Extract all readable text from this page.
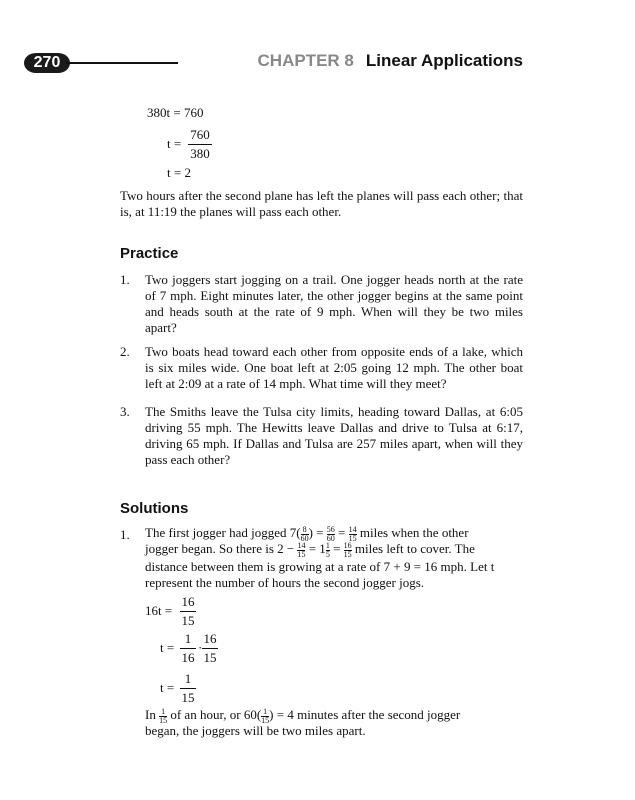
270	CHAPTER 8 Linear Applications
380t = 760
t =
760
380
t = 2
Two hours after the second plane has left the planes will pass each other; that is, at 11:19 the planes will pass each other.
Practice
1. Two joggers start jogging on a trail. One jogger heads north at the rate of 7 mph. Eight minutes later, the other jogger begins at the same point and heads south at the rate of 9 mph. When will they be two miles apart?
2. Two boats head toward each other from opposite ends of a lake, which is six miles wide. One boat left at 2:05 going 12 mph. The other boat left at 2:09 at a rate of 14 mph. What time will they meet?
3. The Smiths leave the Tulsa city limits, heading toward Dallas, at 6:05 driving 55 mph. The Hewitts leave Dallas and drive to Tulsa at 6:17, driving 65 mph. If Dallas and Tulsa are 257 miles apart, when will they pass each other?
Solutions
1. The first jogger had jogged $7(\frac{8}{60}) = \frac{56}{60} = \frac{14}{15}$ miles when the other
jogger began. So there is $2 - \frac{14}{15} = 1\frac{1}{5} = \frac{16}{15}$ miles left to cover. The
distance between them is growing at a rate of 7 + 9 = 16 mph. Let t
represent the number of hours the second jogger jogs.
16t =
16
15
t =
1
16
·
16
15
t =
1
15
In $\frac{1}{15}$ of an hour, or $60(\frac{1}{15}) = 4$ minutes after the second jogger
began, the joggers will be two miles apart.
